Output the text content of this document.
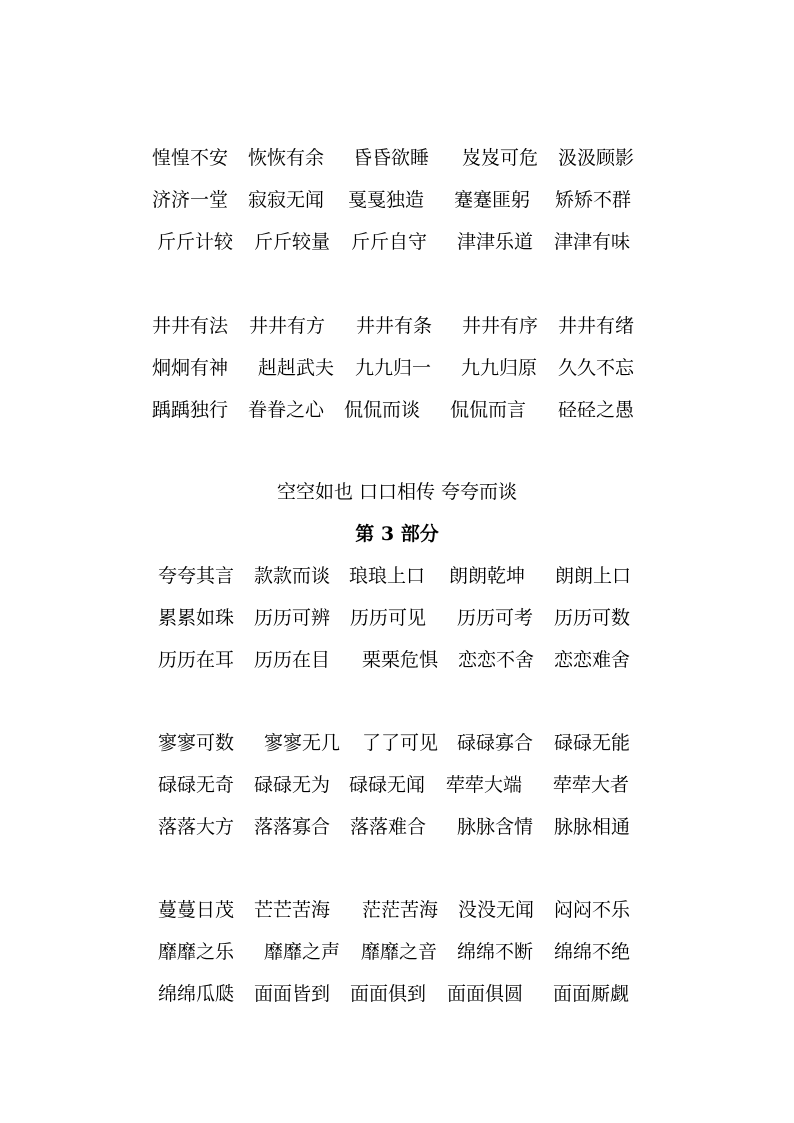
惶惶不安 恢恢有余 昏昏欲睡 岌岌可危 汲汲顾影
济济一堂 寂寂无闻 戛戛独造 蹇蹇匪躬 矫矫不群
斤斤计较 斤斤较量 斤斤自守 津津乐道 津津有味
井井有法 井井有方 井井有条 井井有序 井井有绪
炯炯有神 赳赳武夫 九九归一 九九归原 久久不忘
踽踽独行 眷眷之心 侃侃而谈 侃侃而言 硁硁之愚
空空如也 口口相传 夸夸而谈
第 3 部分
夸夸其言 款款而谈 琅琅上口 朗朗乾坤 朗朗上口
累累如珠 历历可辨 历历可见 历历可考 历历可数
历历在耳 历历在目 栗栗危惧 恋恋不舍 恋恋难舍
寥寥可数 寥寥无几 了了可见 碌碌寡合 碌碌无能
碌碌无奇 碌碌无为 碌碌无闻 荦荦大端 荦荦大者
落落大方 落落寡合 落落难合 脉脉含情 脉脉相通
蔓蔓日茂 芒芒苦海 茫茫苦海 没没无闻 闷闷不乐
靡靡之乐 靡靡之声 靡靡之音 绵绵不断 绵绵不绝
绵绵瓜瓞 面面皆到 面面俱到 面面俱圆 面面厮觑
